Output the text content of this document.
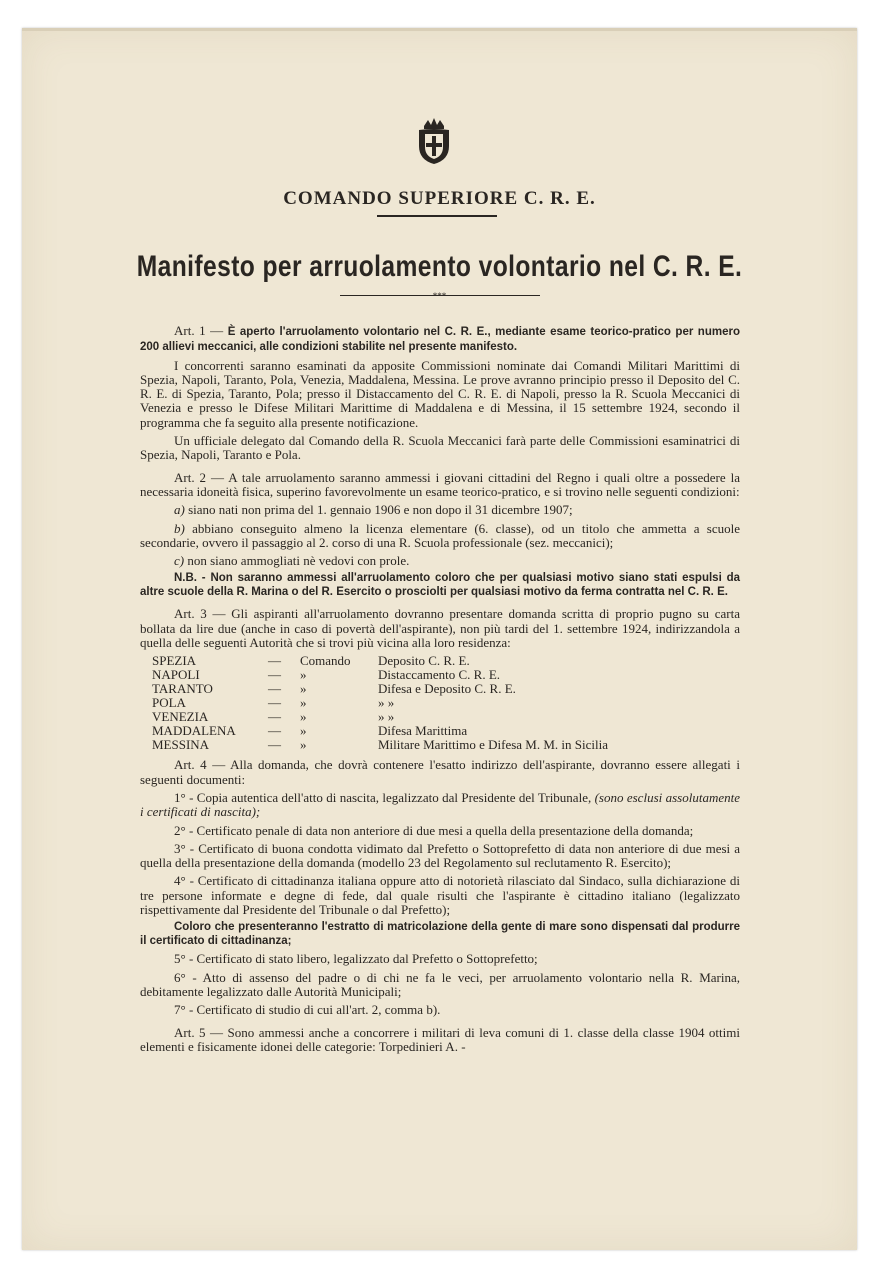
COMANDO SUPERIORE C. R. E.
Manifesto per arruolamento volontario nel C. R. E.
***

Art. 1 — È aperto l'arruolamento volontario nel C. R. E., mediante esame teorico-pratico per numero 200 allievi meccanici, alle condizioni stabilite nel presente manifesto.

I concorrenti saranno esaminati da apposite Commissioni nominate dai Comandi Militari Marittimi di Spezia, Napoli, Taranto, Pola, Venezia, Maddalena, Messina. Le prove avranno principio presso il Deposito del C. R. E. di Spezia, Taranto, Pola; presso il Distaccamento del C. R. E. di Napoli, presso la R. Scuola Meccanici di Venezia e presso le Difese Militari Marittime di Maddalena e di Messina, il 15 settembre 1924, secondo il programma che fa seguito alla presente notificazione.

Un ufficiale delegato dal Comando della R. Scuola Meccanici farà parte delle Commissioni esaminatrici di Spezia, Napoli, Taranto e Pola.

Art. 2 — A tale arruolamento saranno ammessi i giovani cittadini del Regno i quali oltre a possedere la necessaria idoneità fisica, superino favorevolmente un esame teorico-pratico, e si trovino nelle seguenti condizioni:

a) siano nati non prima del 1. gennaio 1906 e non dopo il 31 dicembre 1907;

b) abbiano conseguito almeno la licenza elementare (6. classe), od un titolo che ammetta a scuole secondarie, ovvero il passaggio al 2. corso di una R. Scuola professionale (sez. meccanici);

c) non siano ammogliati nè vedovi con prole.

N.B. - Non saranno ammessi all'arruolamento coloro che per qualsiasi motivo siano stati espulsi da altre scuole della R. Marina o del R. Esercito o prosciolti per qualsiasi motivo da ferma contratta nel C. R. E.

Art. 3 — Gli aspiranti all'arruolamento dovranno presentare domanda scritta di proprio pugno su carta bollata da lire due (anche in caso di povertà dell'aspirante), non più tardi del 1. settembre 1924, indirizzandola a quella delle seguenti Autorità che si trovi più vicina alla loro residenza:

SPEZIA	—	Comando	Deposito C. R. E.
NAPOLI	—	»	Distaccamento C. R. E.
TARANTO	—	»	Difesa e Deposito C. R. E.
POLA	—	»	» »
VENEZIA	—	»	» »
MADDALENA	—	»	Difesa Marittima
MESSINA	—	»	Militare Marittimo e Difesa M. M. in Sicilia

Art. 4 — Alla domanda, che dovrà contenere l'esatto indirizzo dell'aspirante, dovranno essere allegati i seguenti documenti:

1° - Copia autentica dell'atto di nascita, legalizzato dal Presidente del Tribunale, (sono esclusi assolutamente i certificati di nascita);

2° - Certificato penale di data non anteriore di due mesi a quella della presentazione della domanda;

3° - Certificato di buona condotta vidimato dal Prefetto o Sottoprefetto di data non anteriore di due mesi a quella della presentazione della domanda (modello 23 del Regolamento sul reclutamento R. Esercito);

4° - Certificato di cittadinanza italiana oppure atto di notorietà rilasciato dal Sindaco, sulla dichiarazione di tre persone informate e degne di fede, dal quale risulti che l'aspirante è cittadino italiano (legalizzato rispettivamente dal Presidente del Tribunale o dal Prefetto);

Coloro che presenteranno l'estratto di matricolazione della gente di mare sono dispensati dal produrre il certificato di cittadinanza;

5° - Certificato di stato libero, legalizzato dal Prefetto o Sottoprefetto;

6° - Atto di assenso del padre o di chi ne fa le veci, per arruolamento volontario nella R. Marina, debitamente legalizzato dalle Autorità Municipali;

7° - Certificato di studio di cui all'art. 2, comma b).

Art. 5 — Sono ammessi anche a concorrere i militari di leva comuni di 1. classe della classe 1904 ottimi elementi e fisicamente idonei delle categorie: Torpedinieri A. -
